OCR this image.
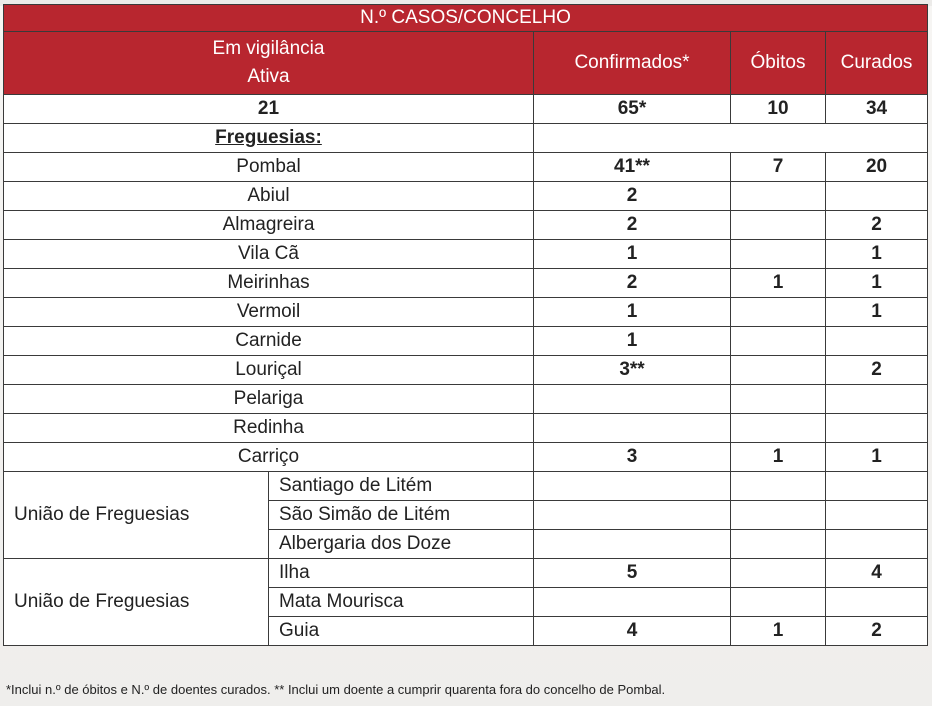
N.º CASOS/CONCELHO				

Em vigilância
Ativa		Confirmados*	Óbitos	Curados
21		65*	10	34
Freguesias:				
Pombal		41**	7	20
Abiul		2		
Almagreira		2		2
Vila Cã		1		1
Meirinhas		2	1	1
Vermoil		1		1
Carnide		1		
Louriçal		3**		2
Pelariga				
Redinha				
Carriço		3	1	1
União de Freguesias	Santiago de Litém			
	São Simão de Litém			
	Albergaria dos Doze			
União de Freguesias	Ilha	5		4
	Mata Mourisca			
	Guia	4	1	2
*Inclui n.º de óbitos e N.º de doentes curados. ** Inclui um doente a cumprir quarenta fora do concelho de Pombal.
